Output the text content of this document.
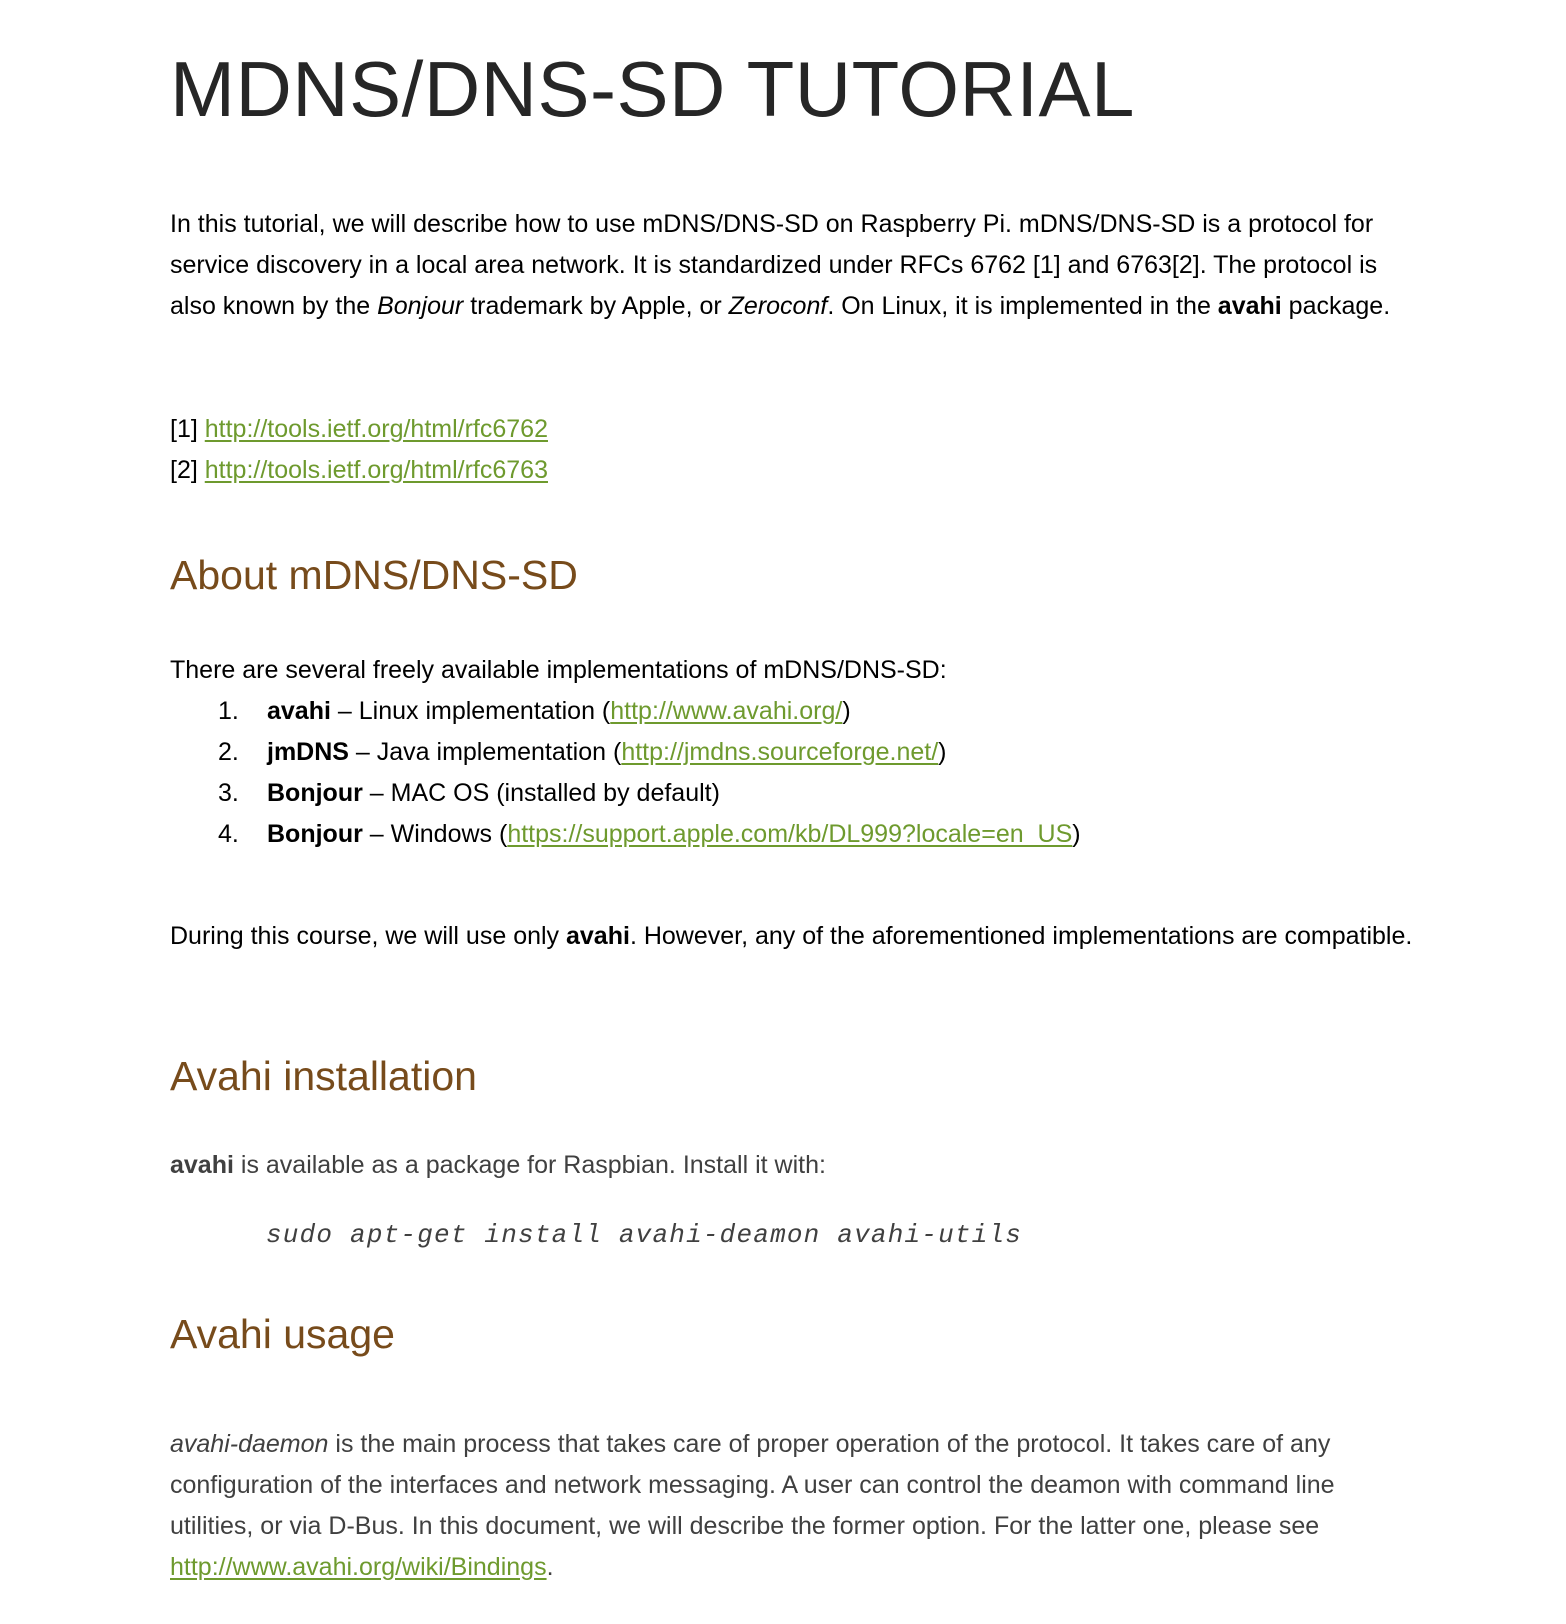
MDNS/DNS-SD TUTORIAL

In this tutorial, we will describe how to use mDNS/DNS-SD on Raspberry Pi. mDNS/DNS-SD is a protocol for service discovery in a local area network. It is standardized under RFCs 6762 [1] and 6763[2]. The protocol is also known by the Bonjour trademark by Apple, or Zeroconf. On Linux, it is implemented in the avahi package.

[1] http://tools.ietf.org/html/rfc6762

[2] http://tools.ietf.org/html/rfc6763

About mDNS/DNS-SD

There are several freely available implementations of mDNS/DNS-SD:

1. avahi – Linux implementation (http://www.avahi.org/)
2. jmDNS – Java implementation (http://jmdns.sourceforge.net/)
3. Bonjour – MAC OS (installed by default)
4. Bonjour – Windows (https://support.apple.com/kb/DL999?locale=en_US)

During this course, we will use only avahi. However, any of the aforementioned implementations are compatible.

Avahi installation

avahi is available as a package for Raspbian. Install it with:

sudo apt-get install avahi-deamon avahi-utils
Avahi usage

avahi-daemon is the main process that takes care of proper operation of the protocol. It takes care of any configuration of the interfaces and network messaging. A user can control the deamon with command line utilities, or via D-Bus. In this document, we will describe the former option. For the latter one, please see http://www.avahi.org/wiki/Bindings.
